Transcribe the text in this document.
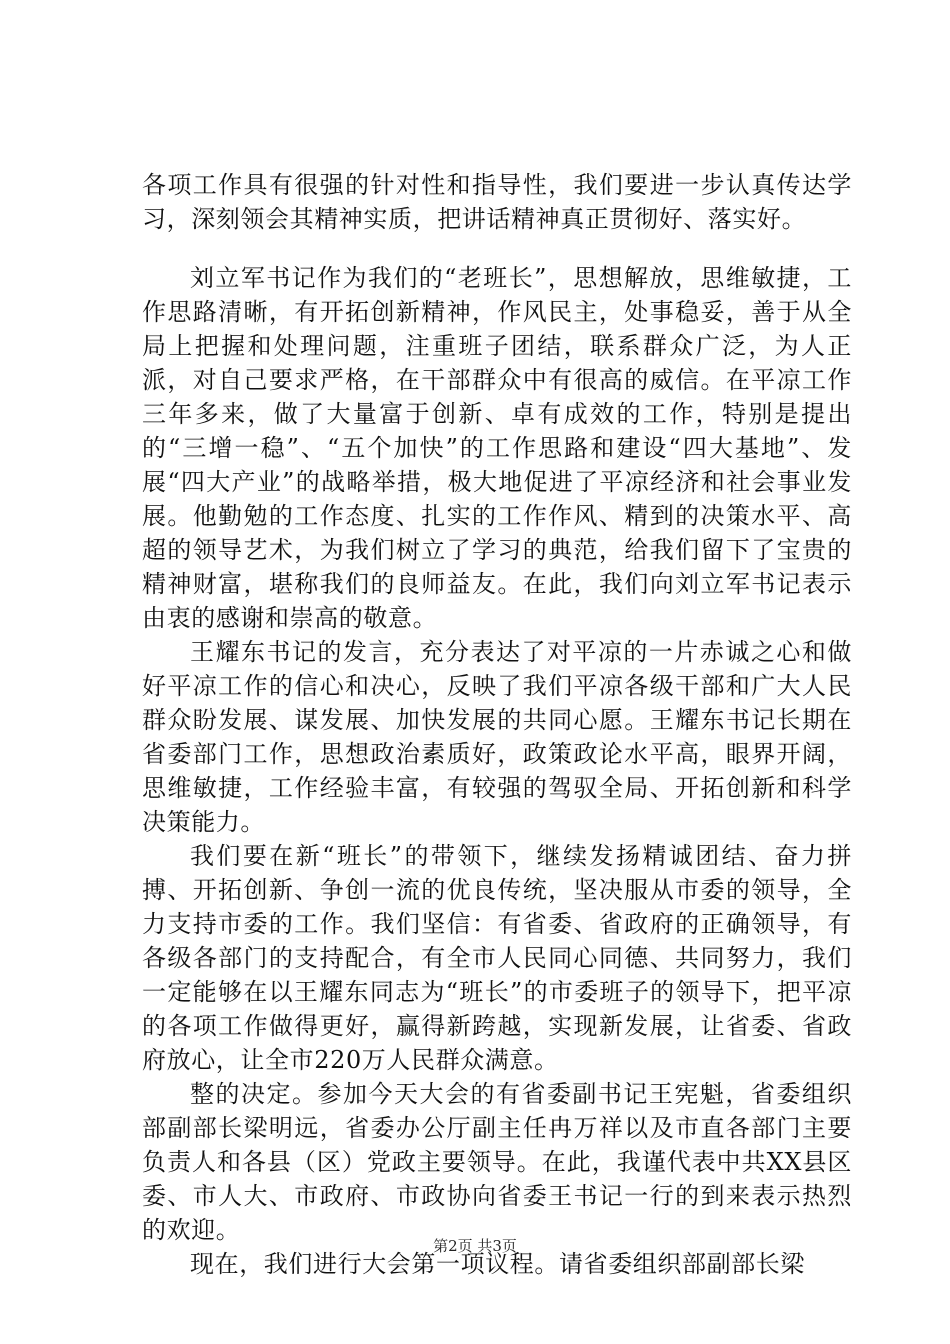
各项工作具有很强的针对性和指导性，我们要进一步认真传达学习，深刻领会其精神实质，把讲话精神真正贯彻好、落实好。

刘立军书记作为我们的“老班长”，思想解放，思维敏捷，工作思路清晰，有开拓创新精神，作风民主，处事稳妥，善于从全局上把握和处理问题，注重班子团结，联系群众广泛，为人正派，对自己要求严格，在干部群众中有很高的威信。在平凉工作三年多来，做了大量富于创新、卓有成效的工作，特别是提出的“三增一稳”、“五个加快”的工作思路和建设“四大基地”、发展“四大产业”的战略举措，极大地促进了平凉经济和社会事业发展。他勤勉的工作态度、扎实的工作作风、精到的决策水平、高超的领导艺术，为我们树立了学习的典范，给我们留下了宝贵的精神财富，堪称我们的良师益友。在此，我们向刘立军书记表示由衷的感谢和崇高的敬意。

王耀东书记的发言，充分表达了对平凉的一片赤诚之心和做好平凉工作的信心和决心，反映了我们平凉各级干部和广大人民群众盼发展、谋发展、加快发展的共同心愿。王耀东书记长期在省委部门工作，思想政治素质好，政策政论水平高，眼界开阔，思维敏捷，工作经验丰富，有较强的驾驭全局、开拓创新和科学决策能力。

我们要在新“班长”的带领下，继续发扬精诚团结、奋力拼搏、开拓创新、争创一流的优良传统，坚决服从市委的领导，全力支持市委的工作。我们坚信：有省委、省政府的正确领导，有各级各部门的支持配合，有全市人民同心同德、共同努力，我们一定能够在以王耀东同志为“班长”的市委班子的领导下，把平凉的各项工作做得更好，赢得新跨越，实现新发展，让省委、省政府放心，让全市220万人民群众满意。

整的决定。参加今天大会的有省委副书记王宪魁，省委组织部副部长梁明远，省委办公厅副主任冉万祥以及市直各部门主要负责人和各县（区）党政主要领导。在此，我谨代表中共XX县区委、市人大、市政府、市政协向省委王书记一行的到来表示热烈的欢迎。

现在，我们进行大会第一项议程。请省委组织部副部长梁

第2页 共3页
